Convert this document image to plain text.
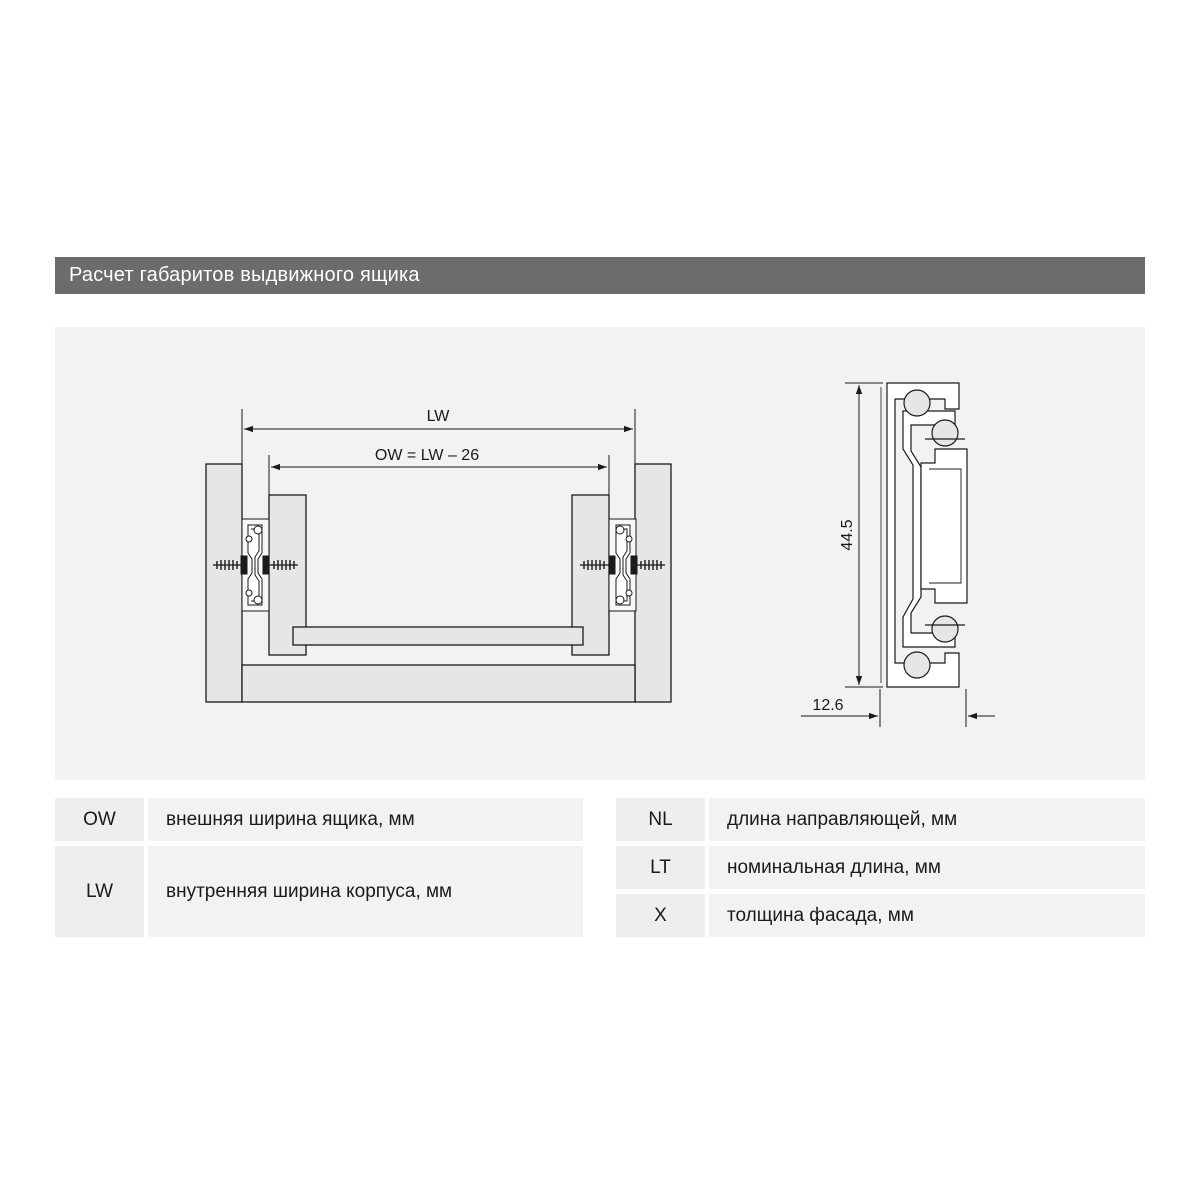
Расчет габаритов выдвижного ящика
LW
OW = LW – 26
44.5
12.6
OW	внешняя ширина ящика, мм
LW	внутренняя ширина корпуса, мм
NL	длина направляющей, мм
LT	номинальная длина, мм
X	толщина фасада, мм
